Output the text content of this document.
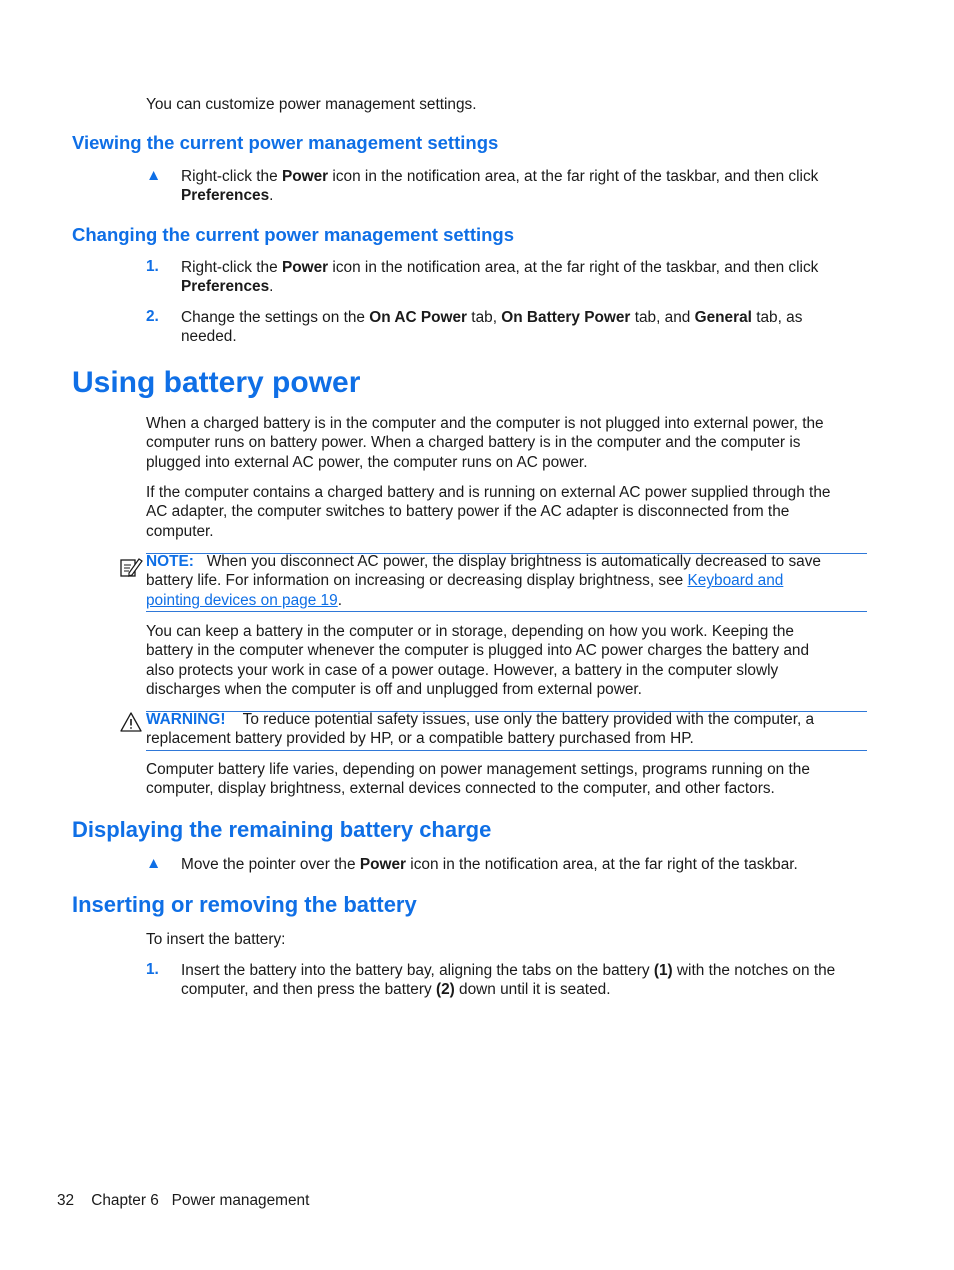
You can customize power management settings.
Viewing the current power management settings
▲ Right-click the Power icon in the notification area, at the far right of the taskbar, and then click
Preferences.
Changing the current power management settings
1. Right-click the Power icon in the notification area, at the far right of the taskbar, and then click
Preferences.
2. Change the settings on the On AC Power tab, On Battery Power tab, and General tab, as
needed.
Using battery power
When a charged battery is in the computer and the computer is not plugged into external power, the
computer runs on battery power. When a charged battery is in the computer and the computer is
plugged into external AC power, the computer runs on AC power.
If the computer contains a charged battery and is running on external AC power supplied through the
AC adapter, the computer switches to battery power if the AC adapter is disconnected from the
computer.
NOTE: When you disconnect AC power, the display brightness is automatically decreased to save
battery life. For information on increasing or decreasing display brightness, see Keyboard and
pointing devices on page 19.
You can keep a battery in the computer or in storage, depending on how you work. Keeping the
battery in the computer whenever the computer is plugged into AC power charges the battery and
also protects your work in case of a power outage. However, a battery in the computer slowly
discharges when the computer is off and unplugged from external power.
WARNING! To reduce potential safety issues, use only the battery provided with the computer, a
replacement battery provided by HP, or a compatible battery purchased from HP.
Computer battery life varies, depending on power management settings, programs running on the
computer, display brightness, external devices connected to the computer, and other factors.
Displaying the remaining battery charge
▲ Move the pointer over the Power icon in the notification area, at the far right of the taskbar.
Inserting or removing the battery
To insert the battery:
1. Insert the battery into the battery bay, aligning the tabs on the battery (1) with the notches on the
computer, and then press the battery (2) down until it is seated.
32 Chapter 6 Power management
